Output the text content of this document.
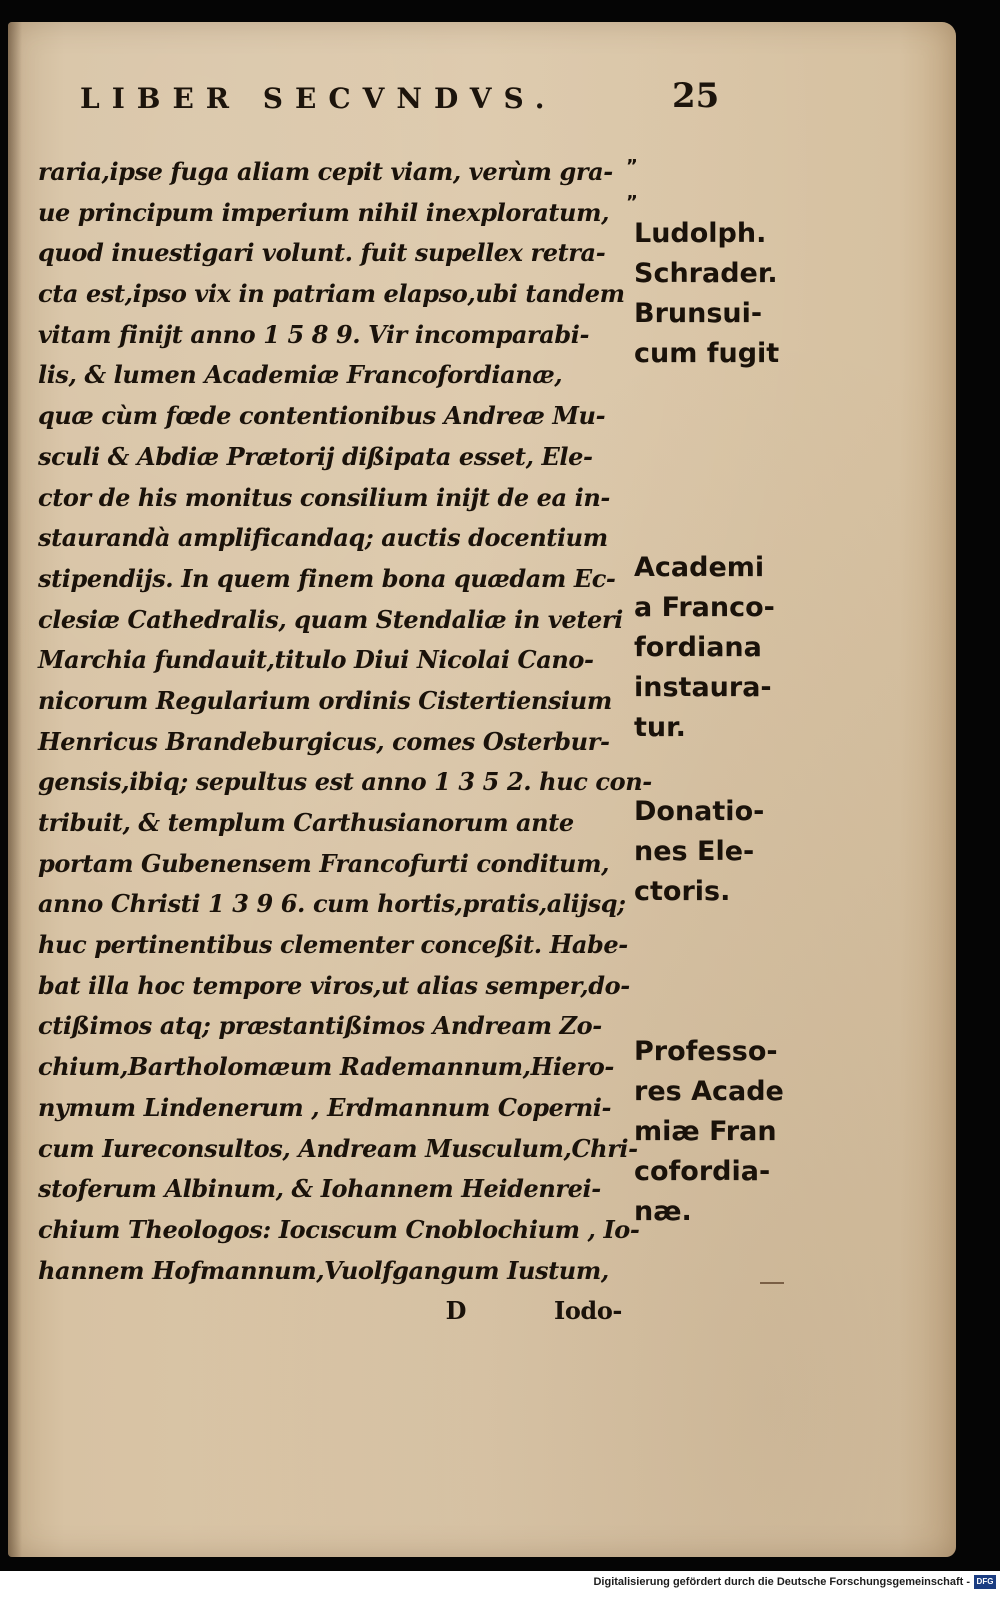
LIBER SECVNDVS.	25
raria,ipse fuga aliam cepit viam, verùm gra-
ue principum imperium nihil inexploratum,
quod inuestigari volunt. fuit supellex retra-
cta est,ipso vix in patriam elapso,ubi tandem
vitam finijt anno 1 5 8 9. Vir incomparabi-
lis, & lumen Academiæ Francofordianæ,
quæ cùm fœde contentionibus Andreæ Mu-
sculi & Abdiæ Prætorij dißipata esset, Ele-
ctor de his monitus consilium inijt de ea in-
staurandà amplificandaq; auctis docentium
stipendijs. In quem finem bona quædam Ec-
clesiæ Cathedralis, quam Stendaliæ in veteri
Marchia fundauit,titulo Diui Nicolai Cano-
nicorum Regularium ordinis Cistertiensium
Henricus Brandeburgicus, comes Osterbur-
gensis,ibiq; sepultus est anno 1 3 5 2. huc con-
tribuit, & templum Carthusianorum ante
portam Gubenensem Francofurti conditum,
anno Christi 1 3 9 6. cum hortis,pratis,alijsq;
huc pertinentibus clementer conceßit. Habe-
bat illa hoc tempore viros,ut alias semper,do-
ctißimos atq; præstantißimos Andream Zo-
chium,Bartholomæum Rademannum,Hiero-
nymum Lindenerum , Erdmannum Coperni-
cum Iureconsultos, Andream Musculum,Chri-
stoferum Albinum, & Iohannem Heidenrei-
chium Theologos: Iocıscum Cnoblochium , Io-
hannem Hofmannum,Vuolfgangum Iustum,
D	Iodo-
”
”
Ludolph.
Schrader.
Brunsui-
cum fugit
Academi
a Franco-
fordiana
instaura-
tur.
Donatio-
nes Ele-
ctoris.
Professo-
res Acade
miæ Fran
cofordia-
næ.
Digitalisierung gefördert durch die Deutsche Forschungsgemeinschaft - DFG
